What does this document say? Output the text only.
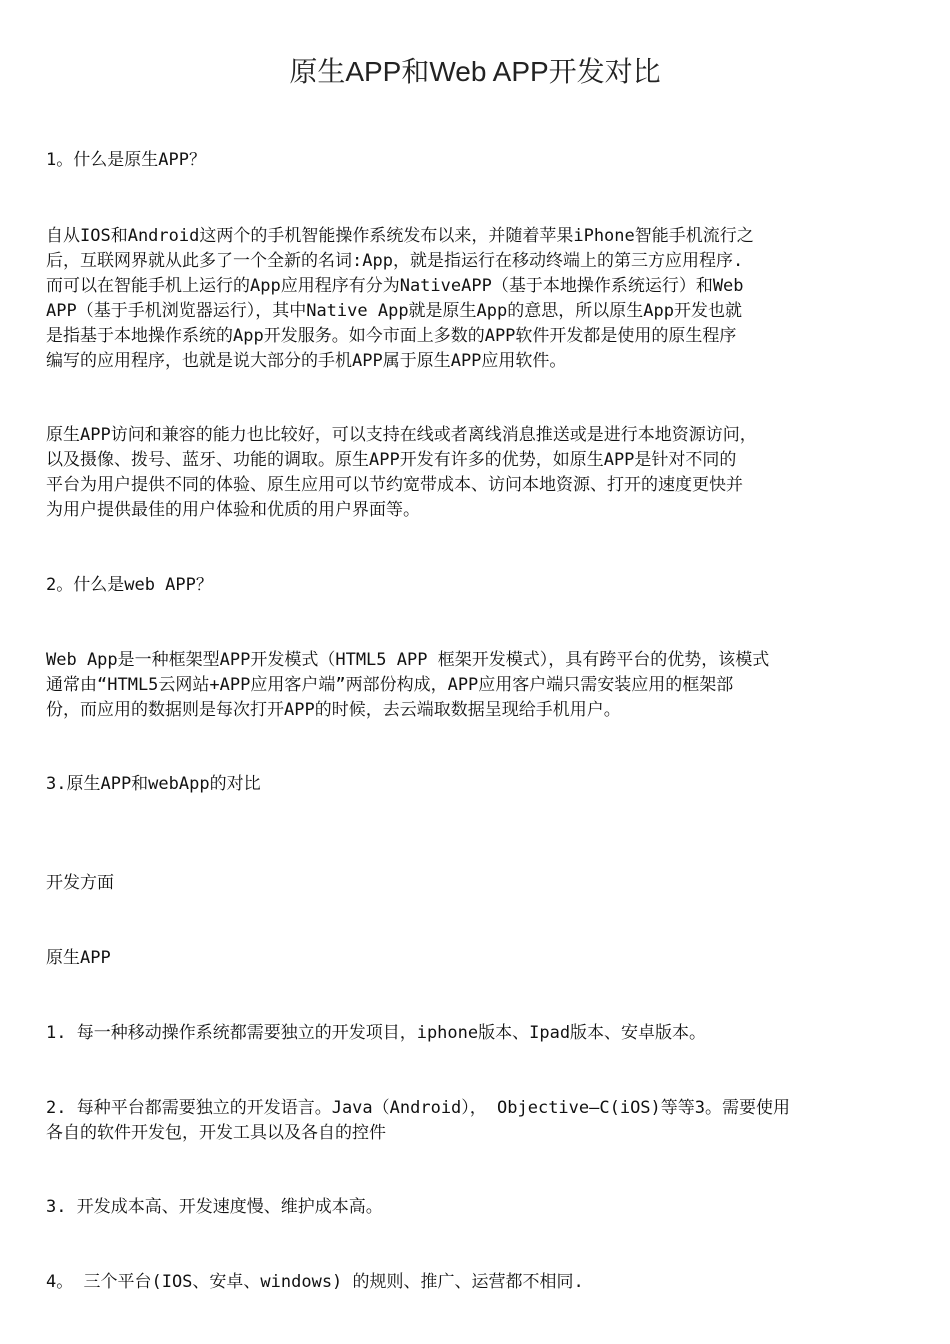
原生APP和Web APP开发对比
1。什么是原生APP？
自从IOS和Android这两个的手机智能操作系统发布以来，并随着苹果iPhone智能手机流行之
后，互联网界就从此多了一个全新的名词:App，就是指运行在移动终端上的第三方应用程序.
而可以在智能手机上运行的App应用程序有分为NativeAPP（基于本地操作系统运行）和Web
APP（基于手机浏览器运行），其中Native App就是原生App的意思，所以原生App开发也就
是指基于本地操作系统的App开发服务。如今市面上多数的APP软件开发都是使用的原生程序
编写的应用程序，也就是说大部分的手机APP属于原生APP应用软件。
原生APP访问和兼容的能力也比较好，可以支持在线或者离线消息推送或是进行本地资源访问，
以及摄像、拨号、蓝牙、功能的调取。原生APP开发有许多的优势，如原生APP是针对不同的
平台为用户提供不同的体验、原生应用可以节约宽带成本、访问本地资源、打开的速度更快并
为用户提供最佳的用户体验和优质的用户界面等。
2。什么是web APP？
Web App是一种框架型APP开发模式（HTML5 APP 框架开发模式），具有跨平台的优势，该模式
通常由“HTML5云网站+APP应用客户端”两部份构成，APP应用客户端只需安装应用的框架部
份，而应用的数据则是每次打开APP的时候，去云端取数据呈现给手机用户。
3.原生APP和webApp的对比
开发方面
原生APP
1. 每一种移动操作系统都需要独立的开发项目，iphone版本、Ipad版本、安卓版本。
2. 每种平台都需要独立的开发语言。Java（Android）， Objective—C(iOS)等等3。需要使用
各自的软件开发包，开发工具以及各自的控件
3. 开发成本高、开发速度慢、维护成本高。
4。 三个平台(IOS、安卓、windows) 的规则、推广、运营都不相同.
